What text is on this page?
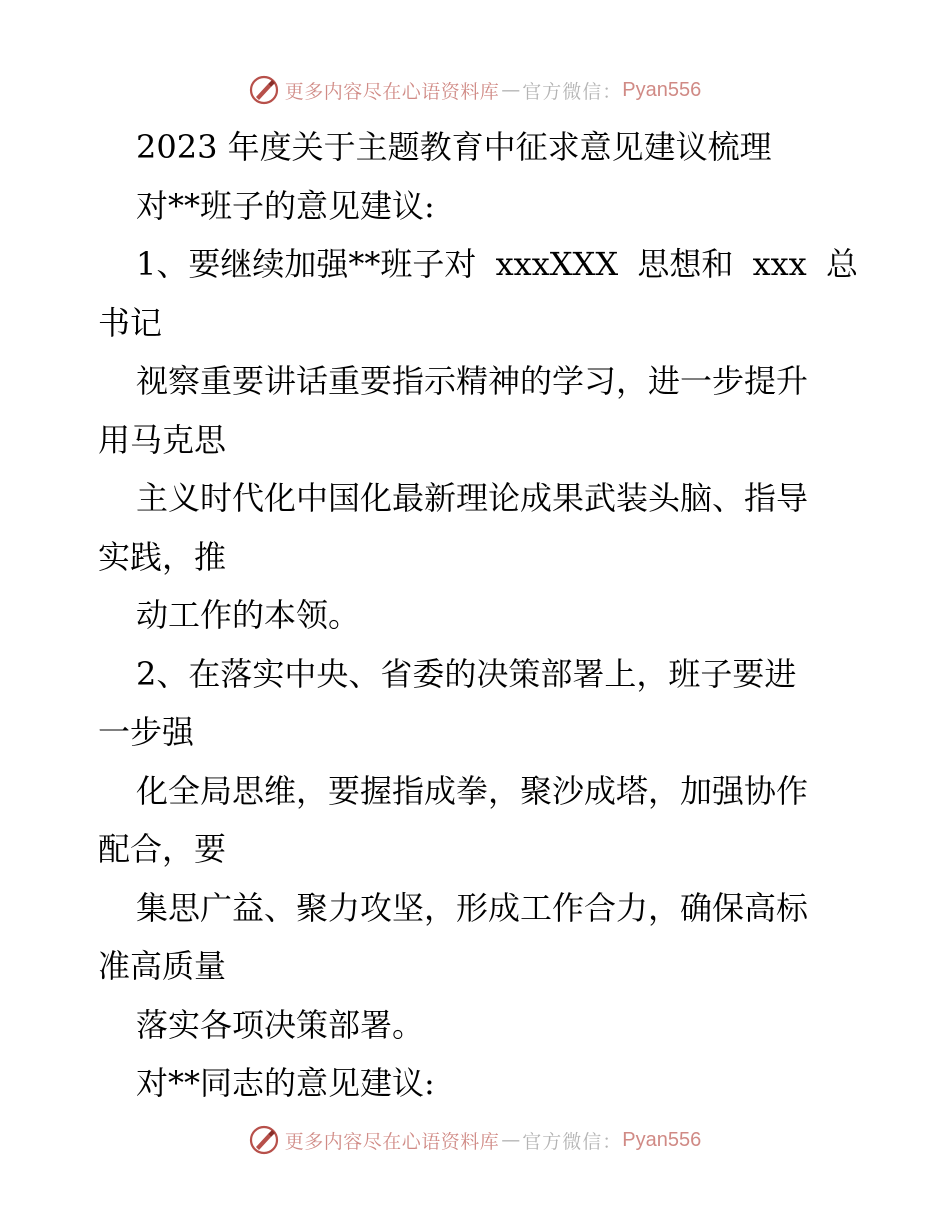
更多内容尽在心语资料库 — 官方微信： Pyan556
2023 年度关于主题教育中征求意见建议梳理
对**班子的意见建议:
1、要继续加强**班子对 xxxXXX 思想和 xxx 总
书记
视察重要讲话重要指示精神的学习，进一步提升
用马克思
主义时代化中国化最新理论成果武装头脑、指导
实践，推
动工作的本领。
2、在落实中央、省委的决策部署上，班子要进
一步强
化全局思维，要握指成拳，聚沙成塔，加强协作
配合，要
集思广益、聚力攻坚，形成工作合力，确保高标
准高质量
落实各项决策部署。
对**同志的意见建议:
更多内容尽在心语资料库 — 官方微信： Pyan556
